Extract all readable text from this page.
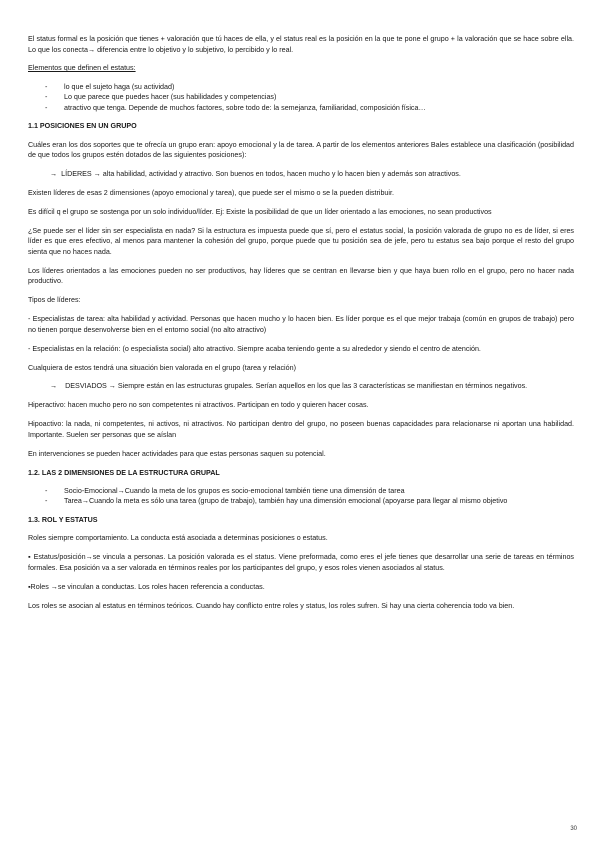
El status formal es la posición que tienes + valoración que tú haces de ella, y el status real es la posición en la que te pone el grupo + la valoración que se hace sobre ella. Lo que los conecta→ diferencia entre lo objetivo y lo subjetivo, lo percibido y lo real.

Elementos que definen el estatus:

- lo que el sujeto haga (su actividad)
- Lo que parece que puedes hacer (sus habilidades y competencias)
- atractivo que tenga. Depende de muchos factores, sobre todo de: la semejanza, familiaridad, composición física…

1.1 POSICIONES EN UN GRUPO

Cuáles eran los dos soportes que te ofrecía un grupo eran: apoyo emocional y la de tarea. A partir de los elementos anteriores Bales establece una clasificación (posibilidad de que todos los grupos estén dotados de las siguientes posiciones):

→ LÍDERES → alta habilidad, actividad y atractivo. Son buenos en todos, hacen mucho y lo hacen bien y además son atractivos.

Existen líderes de esas 2 dimensiones (apoyo emocional y tarea), que puede ser el mismo o se la pueden distribuir.

Es difícil q el grupo se sostenga por un solo individuo/líder. Ej: Existe la posibilidad de que un líder orientado a las emociones, no sean productivos

¿Se puede ser el líder sin ser especialista en nada? Si la estructura es impuesta puede que sí, pero el estatus social, la posición valorada de grupo no es de líder, si eres líder es que eres efectivo, al menos para mantener la cohesión del grupo, porque puede que tu posición sea de jefe, pero tu estatus sea bajo porque el resto del grupo sienta que no haces nada.

Los líderes orientados a las emociones pueden no ser productivos, hay líderes que se centran en llevarse bien y que haya buen rollo en el grupo, pero no hacer nada productivo.

Tipos de líderes:

- Especialistas de tarea: alta habilidad y actividad. Personas que hacen mucho y lo hacen bien. Es líder porque es el que mejor trabaja (común en grupos de trabajo) pero no tienen porque desenvolverse bien en el entorno social (no alto atractivo)

- Especialistas en la relación: (o especialista social) alto atractivo. Siempre acaba teniendo gente a su alrededor y siendo el centro de atención.

Cualquiera de estos tendrá una situación bien valorada en el grupo (tarea y relación)

→ DESVIADOS → Siempre están en las estructuras grupales. Serían aquellos en los que las 3 características se manifiestan en términos negativos.

Hiperactivo: hacen mucho pero no son competentes ni atractivos. Participan en todo y quieren hacer cosas.

Hipoactivo: la nada, ni competentes, ni activos, ni atractivos. No participan dentro del grupo, no poseen buenas capacidades para relacionarse ni aportan una habilidad. Importante. Suelen ser personas que se aíslan

En intervenciones se pueden hacer actividades para que estas personas saquen su potencial.

1.2. LAS 2 DIMENSIONES DE LA ESTRUCTURA GRUPAL

- Socio-Emocional→Cuando la meta de los grupos es socio-emocional también tiene una dimensión de tarea
- Tarea→Cuando la meta es sólo una tarea (grupo de trabajo), también hay una dimensión emocional (apoyarse para llegar al mismo objetivo

1.3. ROL Y ESTATUS

Roles siempre comportamiento. La conducta está asociada a determinas posiciones o estatus.

▪ Estatus/posición→se vincula a personas. La posición valorada es el status. Viene preformada, como eres el jefe tienes que desarrollar una serie de tareas en términos formales. Esa posición va a ser valorada en términos reales por los participantes del grupo, y esos roles vienen asociados al status.

▪Roles →se vinculan a conductas. Los roles hacen referencia a conductas.

Los roles se asocian al estatus en términos teóricos. Cuando hay conflicto entre roles y status, los roles sufren. Si hay una cierta coherencia todo va bien.

30
